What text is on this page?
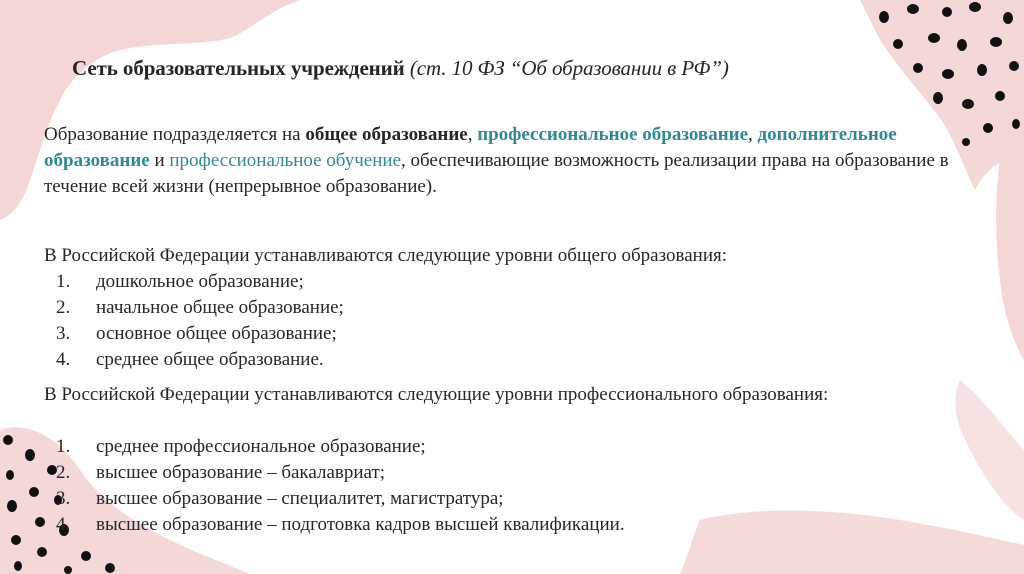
Сеть образовательных учреждений (ст. 10 ФЗ “Об образовании в РФ”)
Образование подразделяется на общее образование, профессиональное образование, дополнительное образование и профессиональное обучение, обеспечивающие возможность реализации права на образование в течение всей жизни (непрерывное образование).
В Российской Федерации устанавливаются следующие уровни общего образования:
1. дошкольное образование;
2. начальное общее образование;
3. основное общее образование;
4. среднее общее образование.
В Российской Федерации устанавливаются следующие уровни профессионального образования:
1. среднее профессиональное образование;
2. высшее образование – бакалавриат;
3. высшее образование – специалитет, магистратура;
4. высшее образование – подготовка кадров высшей квалификации.
